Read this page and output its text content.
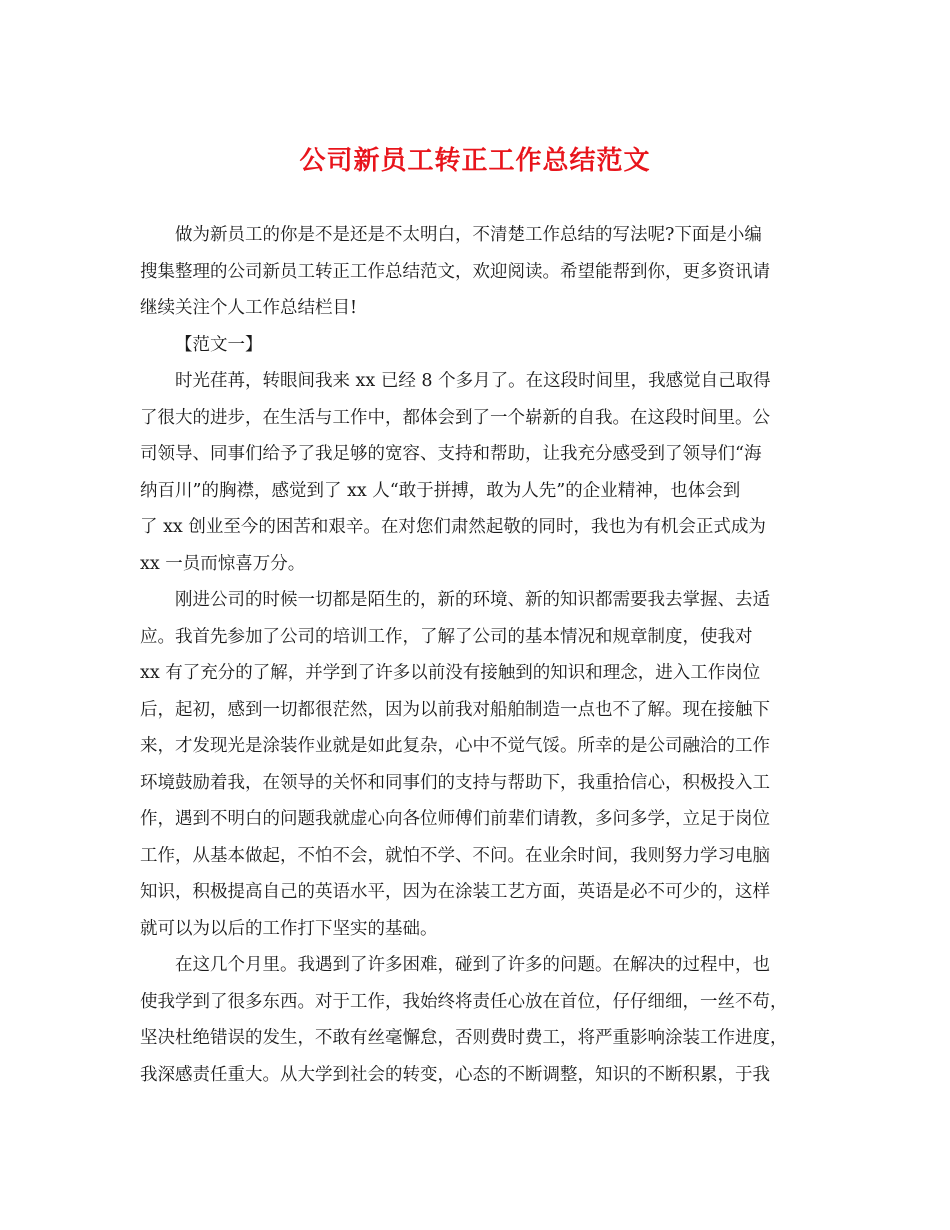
公司新员工转正工作总结范文
做为新员工的你是不是还是不太明白，不清楚工作总结的写法呢?下面是小编
搜集整理的公司新员工转正工作总结范文，欢迎阅读。希望能帮到你，更多资讯请
继续关注个人工作总结栏目!
【范文一】
时光荏苒，转眼间我来 xx 已经 8 个多月了。在这段时间里，我感觉自己取得
了很大的进步，在生活与工作中，都体会到了一个崭新的自我。在这段时间里。公
司领导、同事们给予了我足够的宽容、支持和帮助，让我充分感受到了领导们“海
纳百川”的胸襟，感觉到了 xx 人“敢于拼搏，敢为人先”的企业精神，也体会到
了 xx 创业至今的困苦和艰辛。在对您们肃然起敬的同时，我也为有机会正式成为
xx 一员而惊喜万分。
刚进公司的时候一切都是陌生的，新的环境、新的知识都需要我去掌握、去适
应。我首先参加了公司的培训工作，了解了公司的基本情况和规章制度，使我对
xx 有了充分的了解，并学到了许多以前没有接触到的知识和理念，进入工作岗位
后，起初，感到一切都很茫然，因为以前我对船舶制造一点也不了解。现在接触下
来，才发现光是涂装作业就是如此复杂，心中不觉气馁。所幸的是公司融洽的工作
环境鼓励着我，在领导的关怀和同事们的支持与帮助下，我重拾信心，积极投入工
作，遇到不明白的问题我就虚心向各位师傅们前辈们请教，多问多学，立足于岗位
工作，从基本做起，不怕不会，就怕不学、不问。在业余时间，我则努力学习电脑
知识，积极提高自己的英语水平，因为在涂装工艺方面，英语是必不可少的，这样
就可以为以后的工作打下坚实的基础。
在这几个月里。我遇到了许多困难，碰到了许多的问题。在解决的过程中，也
使我学到了很多东西。对于工作，我始终将责任心放在首位，仔仔细细，一丝不苟，
坚决杜绝错误的发生，不敢有丝毫懈怠，否则费时费工，将严重影响涂装工作进度，
我深感责任重大。从大学到社会的转变，心态的不断调整，知识的不断积累，于我
